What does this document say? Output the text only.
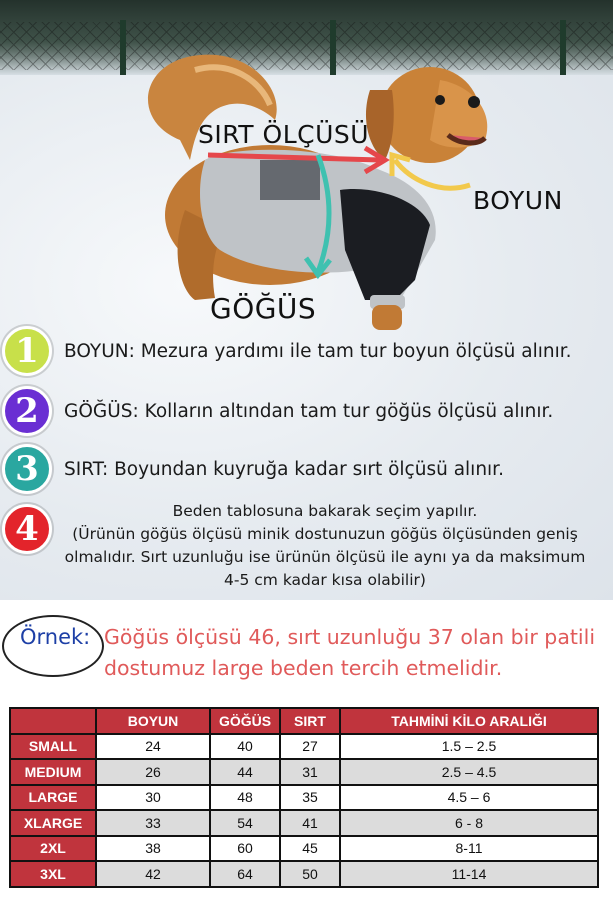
SIRT ÖLÇÜSÜ
BOYUN
GÖĞÜS
1	BOYUN: Mezura yardımı ile tam tur boyun ölçüsü alınır.
2	GÖĞÜS: Kolların altından tam tur göğüs ölçüsü alınır.
3	SIRT: Boyundan kuyruğa kadar sırt ölçüsü alınır.
4	Beden tablosuna bakarak seçim yapılır.
(Ürünün göğüs ölçüsü minik dostunuzun göğüs ölçüsünden geniş
olmalıdır. Sırt uzunluğu ise ürünün ölçüsü ile aynı ya da maksimum
4-5 cm kadar kısa olabilir)
Örnek: Göğüs ölçüsü 46, sırt uzunluğu 37 olan bir patili
dostumuz large beden tercih etmelidir.
	BOYUN	GÖĞÜS	SIRT	TAHMİNİ KİLO ARALIĞI
SMALL	24	40	27	1.5 – 2.5
MEDIUM	26	44	31	2.5 – 4.5
LARGE	30	48	35	4.5 – 6
XLARGE	33	54	41	6 - 8
2XL	38	60	45	8-11
3XL	42	64	50	11-14
